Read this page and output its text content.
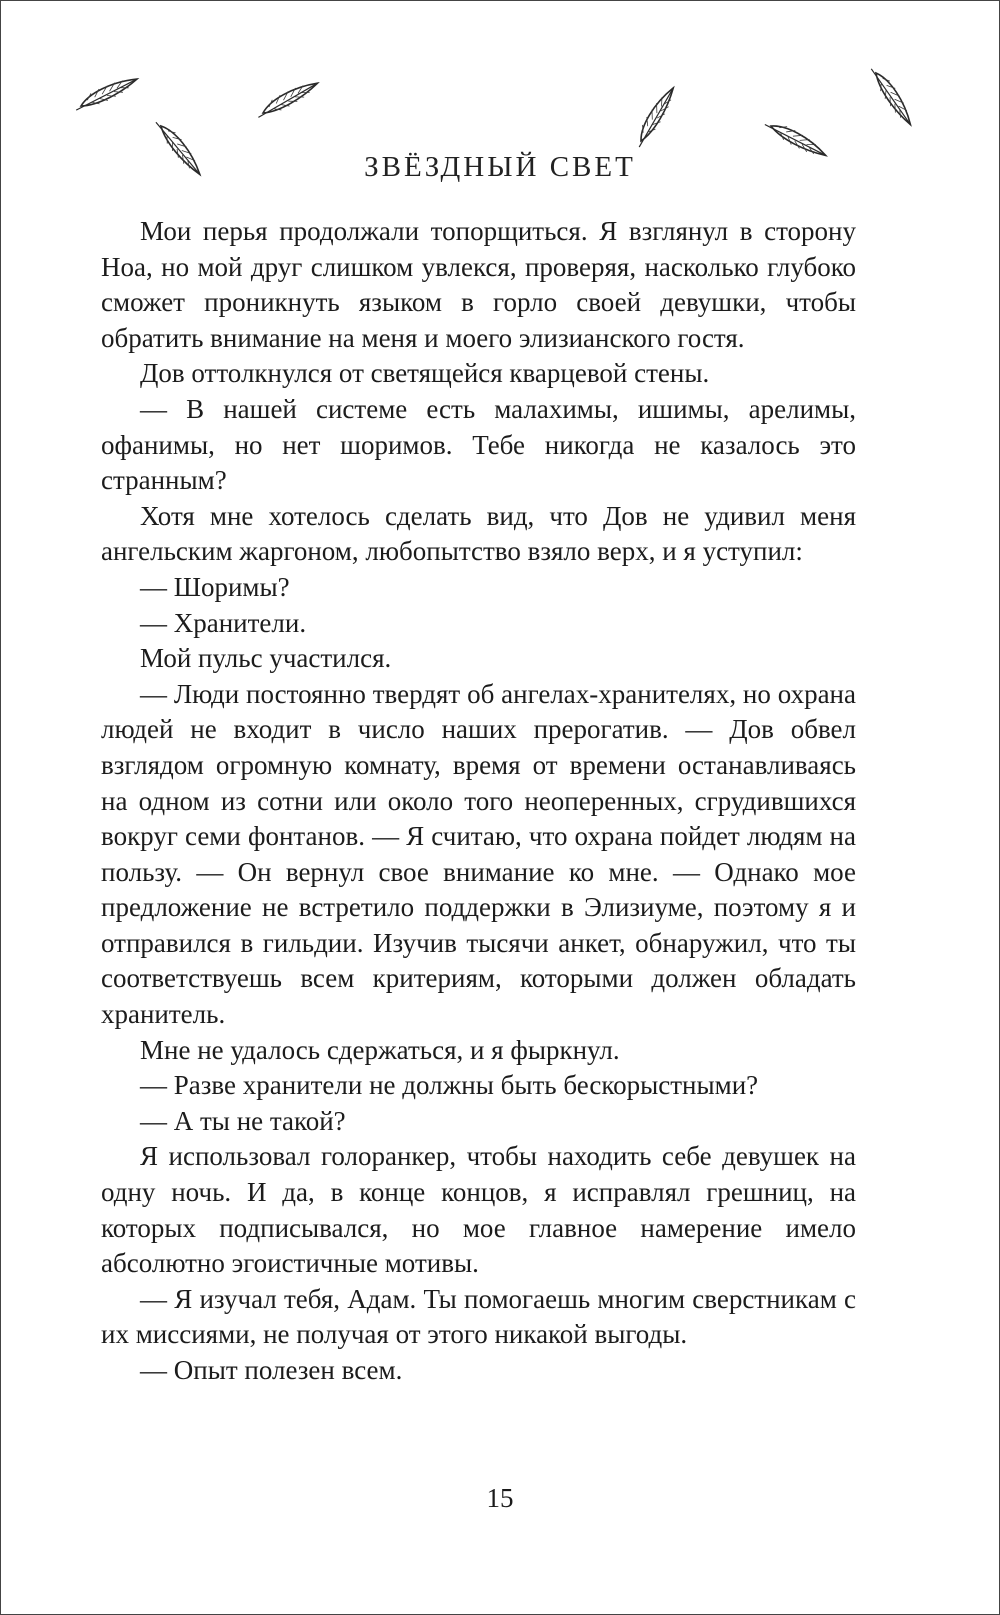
ЗВЁЗДНЫЙ СВЕТ

Мои перья продолжали топорщиться. Я взглянул в сторону Ноа, но мой друг слишком увлекся, проверяя, насколько глубоко сможет проникнуть языком в горло своей девушки, чтобы обратить внимание на меня и моего элизианского гостя.

Дов оттолкнулся от светящейся кварцевой стены.

— В нашей системе есть малахимы, ишимы, арелимы, офанимы, но нет шоримов. Тебе никогда не казалось это странным?

Хотя мне хотелось сделать вид, что Дов не удивил меня ангельским жаргоном, любопытство взяло верх, и я уступил:

— Шоримы?

— Хранители.

Мой пульс участился.

— Люди постоянно твердят об ангелах-хранителях, но охрана людей не входит в число наших прерогатив. — Дов обвел взглядом огромную комнату, время от времени останавливаясь на одном из сотни или около того неоперенных, сгрудившихся вокруг семи фонтанов. — Я считаю, что охрана пойдет людям на пользу. — Он вернул свое внимание ко мне. — Однако мое предложение не встретило поддержки в Элизиуме, поэтому я и отправился в гильдии. Изучив тысячи анкет, обнаружил, что ты соответствуешь всем критериям, которыми должен обладать хранитель.

Мне не удалось сдержаться, и я фыркнул.

— Разве хранители не должны быть бескорыстными?

— А ты не такой?

Я использовал голоранкер, чтобы находить себе девушек на одну ночь. И да, в конце концов, я исправлял грешниц, на которых подписывался, но мое главное намерение имело абсолютно эгоистичные мотивы.

— Я изучал тебя, Адам. Ты помогаешь многим сверстникам с их миссиями, не получая от этого никакой выгоды.

— Опыт полезен всем.

15
